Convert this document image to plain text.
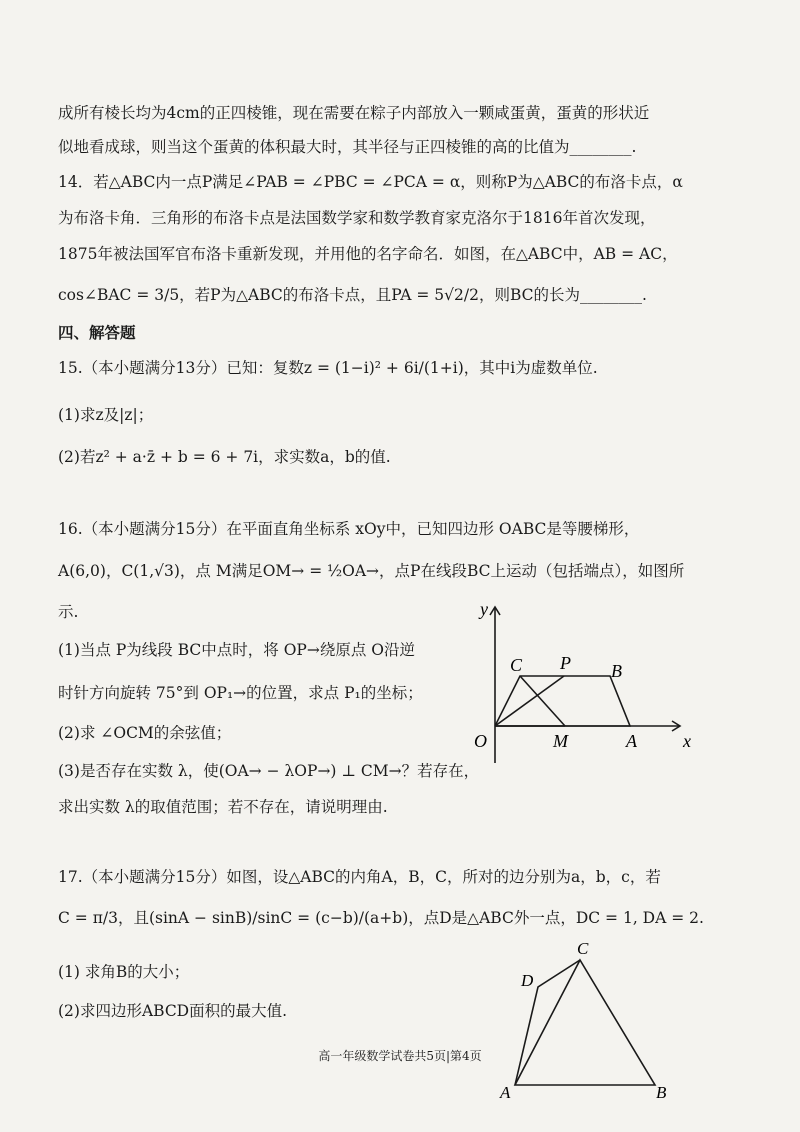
成所有棱长均为4cm的正四棱锥，现在需要在粽子内部放入一颗咸蛋黄，蛋黄的形状近
似地看成球，则当这个蛋黄的体积最大时，其半径与正四棱锥的高的比值为________.
14．若△ABC内一点P满足∠PAB = ∠PBC = ∠PCA = α，则称P为△ABC的布洛卡点，α
为布洛卡角．三角形的布洛卡点是法国数学家和数学教育家克洛尔于1816年首次发现，
1875年被法国军官布洛卡重新发现，并用他的名字命名．如图，在△ABC中，AB = AC，
cos∠BAC = 3/5，若P为△ABC的布洛卡点，且PA = 5√2/2，则BC的长为________.
四、解答题
15.（本小题满分13分）已知：复数z = (1−i)² + 6i/(1+i)，其中i为虚数单位.
(1)求z及|z|；
(2)若z² + a·z̄ + b = 6 + 7i，求实数a，b的值.
16.（本小题满分15分）在平面直角坐标系 xOy中，已知四边形 OABC是等腰梯形，
A(6,0)，C(1,√3)，点 M满足OM→ = ½OA→，点P在线段BC上运动（包括端点），如图所
示.
(1)当点 P为线段 BC中点时，将 OP→绕原点 O沿逆
时针方向旋转 75°到 OP₁→的位置，求点 P₁的坐标；
(2)求 ∠OCM的余弦值；
(3)是否存在实数 λ，使(OA→ − λOP→) ⊥ CM→？若存在，
求出实数 λ的取值范围；若不存在，请说明理由.
17.（本小题满分15分）如图，设△ABC的内角A，B，C，所对的边分别为a，b，c，若
C = π/3，且(sinA − sinB)/sinC = (c−b)/(a+b)，点D是△ABC外一点，DC = 1, DA = 2.
(1) 求角B的大小；
(2)求四边形ABCD面积的最大值.
y
x
O	M	A
B
C P
A	B
C
D
高一年级数学试卷共5页|第4页
